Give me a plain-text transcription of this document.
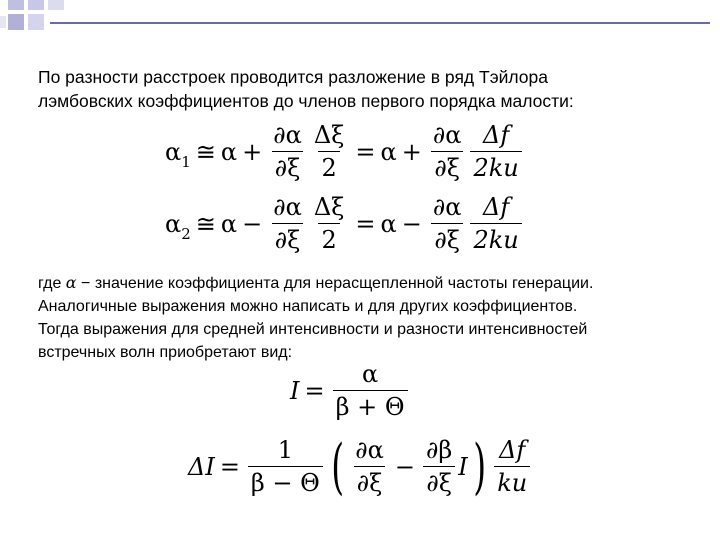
По разности расстроек проводится разложение в ряд Тэйлора
лэмбовских коэффициентов до членов первого порядка малости:
$\alpha_1$ ≅ $\alpha + \frac{\partial\alpha}{\partial\xi} \frac{\Delta\xi}{2} = \alpha + \frac{\partial\alpha}{\partial\xi} \frac{\Delta f}{2ku}$
$\alpha_2$ ≅ $\alpha - \frac{\partial\alpha}{\partial\xi} \frac{\Delta\xi}{2} = \alpha - \frac{\partial\alpha}{\partial\xi} \frac{\Delta f}{2ku}$
где α − значение коэффициента для нерасщепленной частоты генерации.
Аналогичные выражения можно написать и для других коэффициентов.
Тогда выражения для средней интенсивности и разности интенсивностей
встречных волн приобретают вид:
$I = \frac{\alpha}{\beta + \Theta}$
$\Delta I = \frac{1}{\beta - \Theta}$ ( $\frac{\partial\alpha}{\partial\xi} - \frac{\partial\beta}{\partial\xi}$ I ) $\frac{\Delta f}{ku}$
